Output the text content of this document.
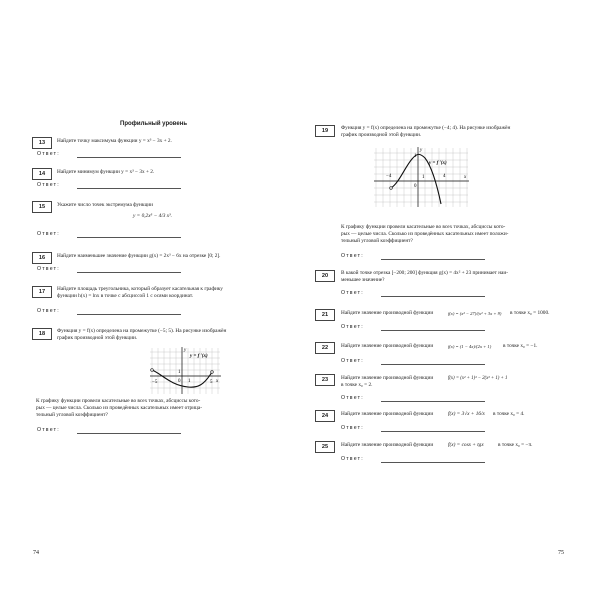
Профильный уровень
13	Найдите точку максимума функции y = x³ − 3x + 2.
Ответ:
14	Найдите минимум функции y = x³ − 3x + 2.
Ответ:
15	Укажите число точек экстремума функции
y = 0,2x⁵ − 4/3 x³.
Ответ:
16	Найдите наименьшее значение функции g(x) = 2x³ − 6x на отрезке [0; 2].
Ответ:
17	Найдите площадь треугольника, который образует касательная к графику
функции h(x) = lnx в точке с абсциссой 1 с осями координат.
Ответ:
18	Функция y = f(x) определена на промежутке (−5; 5). На рисунке изображён
график производной этой функции.
y = f ′(x)
−5	5
1
1
0	x
y
К графику функции провели касательные во всех точках, абсциссы кото-
рых — целые числа. Сколько из проведённых касательных имеет отрица-
тельный угловой коэффициент?
Ответ:
74
19	Функция y = f(x) определена на промежутке (−4; 4). На рисунке изображён
график производной этой функции.
y = f ′(x)
−4	4
1
1
0
x
y
К графику функции провели касательные во всех точках, абсциссы кото-
рых — целые числа. Сколько из проведённых касательных имеет положи-
тельный угловой коэффициент?
Ответ:
20	В какой точке отрезка [−200; 200] функция g(x) = 4x² + 23 принимает наи-
меньшее значение?
Ответ:
21	Найдите значение производной функции	f(x) = (x² − 27)/(x² + 3x + 9) в точке x₀ = 1000.
Ответ:
22	Найдите значение производной функции	f(x) = (1 − 4x)/(2x + 1) в точке x₀ = −1.
Ответ:
23	Найдите значение производной функции	f(x) = (x² + 1)³ − 2(x² + 1) + 1
в точке x₀ = 2.
Ответ:
24	Найдите значение производной функции	f(x) = 3√x + 16/x в точке x₀ = 4.
Ответ:
25	Найдите значение производной функции	f(x) = cosx + tgx	в точке x₀ = −π.
Ответ:
75
